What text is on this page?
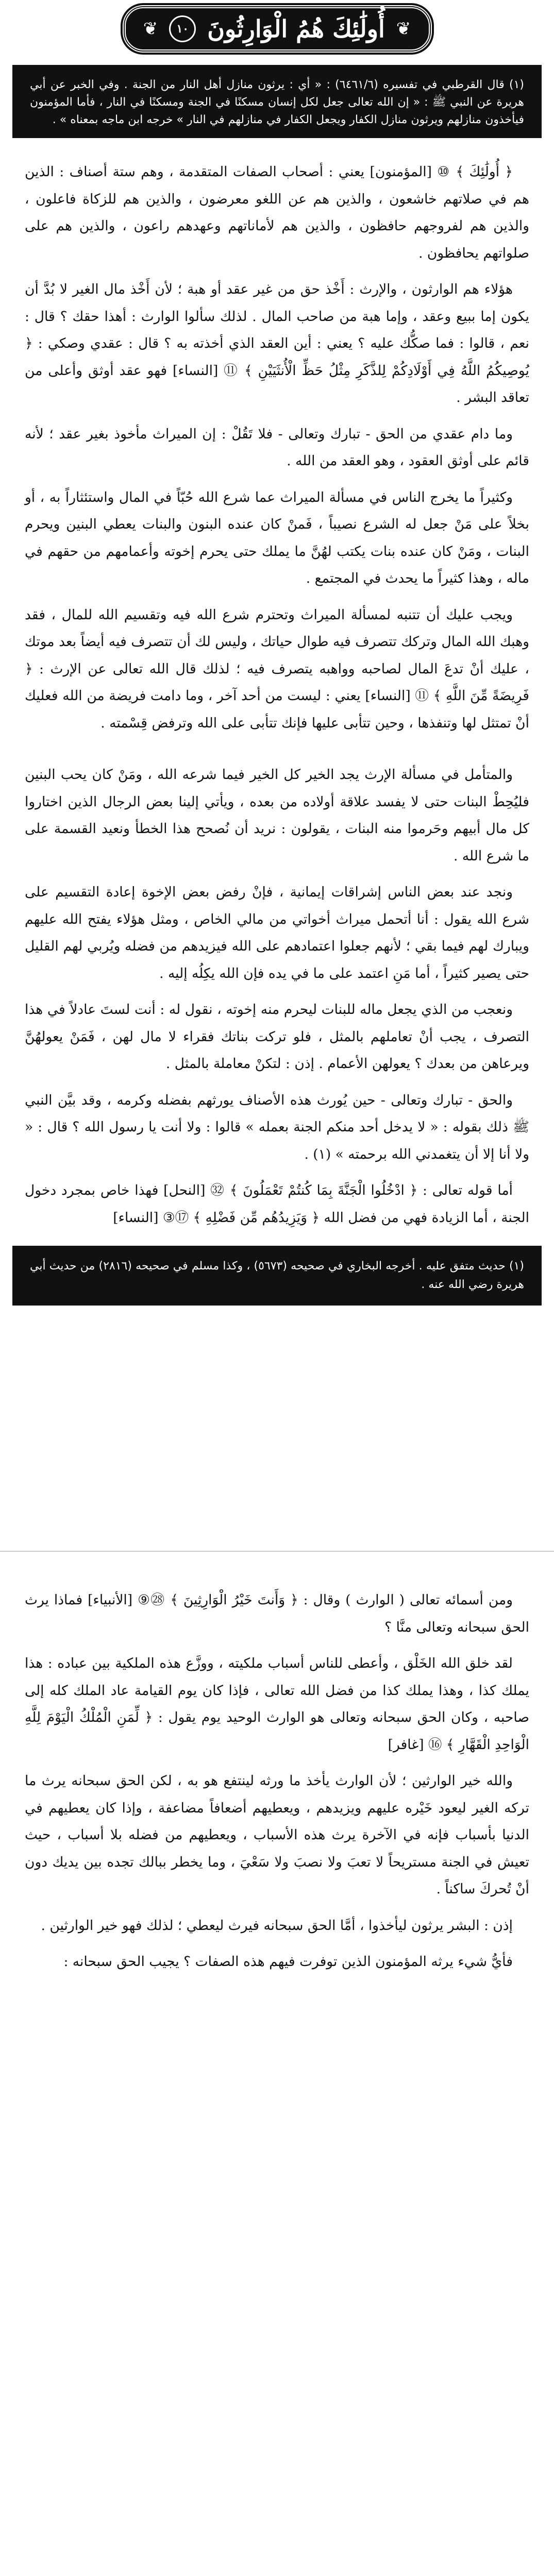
❦
أُولَٰئِكَ هُمُ الْوَارِثُونَ
١٠
❦

(١) قال القرطبي في تفسيره (٦٤٦١/٦) : « أي : يرثون منازل أهل النار من الجنة . وفي الخبر عن أبي هريرة عن النبي ﷺ : « إن الله تعالى جعل لكل إنسان مسكنًا في الجنة ومسكنًا في النار ، فأما المؤمنون فيأخذون منازلهم ويرثون منازل الكفار ويجعل الكفار في منازلهم في النار » خرجه ابن ماجه بمعناه » .

﴿ أُولَٰئِكَ ﴾ ⑩ [المؤمنون] يعني : أصحاب الصفات المتقدمة ، وهم ستة أصناف : الذين هم في صلاتهم خاشعون ، والذين هم عن اللغو معرضون ، والذين هم للزكاة فاعلون ، والذين هم لفروجهم حافظون ، والذين هم لأماناتهم وعهدهم راعون ، والذين هم على صلواتهم يحافظون .

هؤلاء هم الوارثون ، والإرث : أَخْذ حق من غير عقد أو هبة ؛ لأن أَخْذ مال الغير لا بُدَّ أن يكون إما ببيع وعقد ، وإما هبة من صاحب المال . لذلك سألوا الوارث : أهذا حقك ؟ قال : نعم ، قالوا : فما صكُّك عليه ؟ يعني : أين العقد الذي أخذته به ؟ قال : عقدي وصكي : ﴿ يُوصِيكُمُ اللَّهُ فِي أَوْلَادِكُمْ لِلذَّكَرِ مِثْلُ حَظِّ الْأُنثَيَيْنِ ﴾ ⑪ [النساء] فهو عقد أوثق وأعلى من تعاقد البشر .

وما دام عقدي من الحق - تبارك وتعالى - فلا تَقُلْ : إن الميراث مأخوذ بغير عقد ؛ لأنه قائم على أوثق العقود ، وهو العقد من الله .

وكثيراً ما يخرج الناس في مسألة الميراث عما شرع الله حُبّاً في المال واستئثاراً به ، أو بخلاً على مَنْ جعل له الشرع نصيباً ، فَمنْ كان عنده البنون والبنات يعطي البنين ويحرم البنات ، ومَنْ كان عنده بنات يكتب لهُنَّ ما يملك حتى يحرم إخوته وأعمامهم من حقهم في ماله ، وهذا كثيراً ما يحدث في المجتمع .

ويجب عليك أن تتنبه لمسألة الميراث وتحترم شرع الله فيه وتقسيم الله للمال ، فقد وهبك الله المال وتركك تتصرف فيه طوال حياتك ، وليس لك أن تتصرف فيه أيضاً بعد موتك ، عليك أنْ تدعَ المال لصاحبه وواهبه يتصرف فيه ؛ لذلك قال الله تعالى عن الإرث : ﴿ فَرِيضَةً مِّنَ اللَّهِ ﴾ ⑪ [النساء] يعني : ليست من أحد آخر ، وما دامت فريضة من الله فعليك أنْ تمتثل لها وتنفذها ، وحين تتأبى عليها فإنك تتأبى على الله وترفض قِسْمته .

والمتأمل في مسألة الإرث يجد الخير كل الخير فيما شرعه الله ، ومَنْ كان يحب البنين فليُحِطْ البنات حتى لا يفسد علاقة أولاده من بعده ، ويأتي إلينا بعض الرجال الذين اختاروا كل مال أبيهم وحَرموا منه البنات ، يقولون : نريد أن نُصحح هذا الخطأ ونعيد القسمة على ما شرع الله .

ونجد عند بعض الناس إشراقات إيمانية ، فإنْ رفض بعض الإخوة إعادة التقسيم على شرع الله يقول : أنا أتحمل ميراث أخواتي من مالي الخاص ، ومثل هؤلاء يفتح الله عليهم ويبارك لهم فيما بقي ؛ لأنهم جعلوا اعتمادهم على الله فيزيدهم من فضله ويُربي لهم القليل حتى يصير كثيراً ، أما مَنِ اعتمد على ما في يده فإن الله يكِلُه إليه .

ونعجب من الذي يجعل ماله للبنات ليحرم منه إخوته ، نقول له : أنت لستَ عادلاً في هذا التصرف ، يجب أنْ تعاملهم بالمثل ، فلو تركت بناتك فقراء لا مال لهن ، فَمَنْ يعولهُنَّ ويرعاهن من بعدك ؟ يعولهن الأعمام . إذن : لتكنْ معاملة بالمثل .

والحق - تبارك وتعالى - حين يُورث هذه الأصناف يورثهم بفضله وكرمه ، وقد بيَّن النبي ﷺ ذلك بقوله : « لا يدخل أحد منكم الجنة بعمله » قالوا : ولا أنت يا رسول الله ؟ قال : « ولا أنا إلا أن يتغمدني الله برحمته » (١) .

أما قوله تعالى : ﴿ ادْخُلُوا الْجَنَّةَ بِمَا كُنتُمْ تَعْمَلُونَ ﴾ ㉜ [النحل] فهذا خاص بمجرد دخول الجنة ، أما الزيادة فهي من فضل الله ﴿ وَيَزِيدُهُم مِّن فَضْلِهِ ﴾ ⑰③ [النساء]

(١) حديث متفق عليه . أخرجه البخاري في صحيحه (٥٦٧٣) ، وكذا مسلم في صحيحه (٢٨١٦) من حديث أبي هريرة رضي الله عنه .

ومن أسمائه تعالى ( الوارث ) وقال : ﴿ وَأَنتَ خَيْرُ الْوَارِثِينَ ﴾ ㉘⑨ [الأنبياء] فماذا يرث الحق سبحانه وتعالى منَّا ؟

لقد خلق الله الخَلْق ، وأعطى للناس أسباب ملكيته ، ووزَّع هذه الملكية بين عباده : هذا يملك كذا ، وهذا يملك كذا من فضل الله تعالى ، فإذا كان يوم القيامة عاد الملك كله إلى صاحبه ، وكان الحق سبحانه وتعالى هو الوارث الوحيد يوم يقول : ﴿ لِّمَنِ الْمُلْكُ الْيَوْمَ لِلَّهِ الْوَاحِدِ الْقَهَّارِ ﴾ ⑯ [غافر]

والله خير الوارثين ؛ لأن الوارث يأخذ ما ورثه لينتفع هو به ، لكن الحق سبحانه يرث ما تركه الغير ليعود خَيْره عليهم ويزيدهم ، ويعطيهم أضعافاً مضاعفة ، وإذا كان يعطيهم في الدنيا بأسباب فإنه في الآخرة يرث هذه الأسباب ، ويعطيهم من فضله بلا أسباب ، حيث تعيش في الجنة مستريحاً لا تعبَ ولا نصبَ ولا سَعْيَ ، وما يخطر ببالك تجده بين يديك دون أنْ تُحركَ ساكناً .

إذن : البشر يرثون ليأخذوا ، أمَّا الحق سبحانه فيرث ليعطي ؛ لذلك فهو خير الوارثين .

فأيُّ شيء يرثه المؤمنون الذين توفرت فيهم هذه الصفات ؟ يجيب الحق سبحانه :
